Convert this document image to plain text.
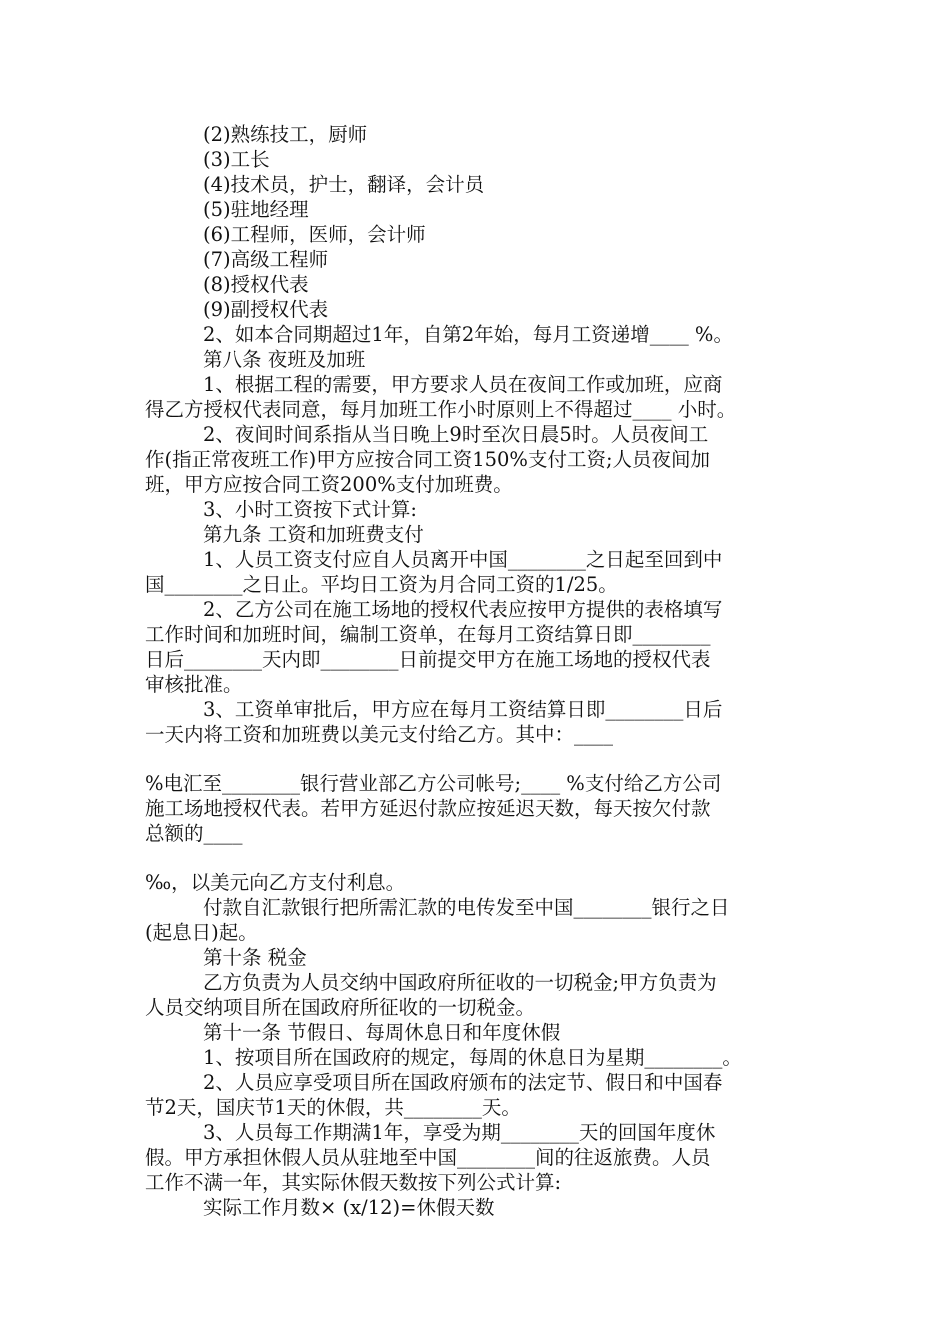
(2)熟练技工，厨师
(3)工长
(4)技术员，护士，翻译，会计员
(5)驻地经理
(6)工程师，医师，会计师
(7)高级工程师
(8)授权代表
(9)副授权代表
2、如本合同期超过1年，自第2年始，每月工资递增____ %。
第八条 夜班及加班
1、根据工程的需要，甲方要求人员在夜间工作或加班，应商
得乙方授权代表同意，每月加班工作小时原则上不得超过____ 小时。
2、夜间时间系指从当日晚上9时至次日晨5时。人员夜间工
作(指正常夜班工作)甲方应按合同工资150%支付工资;人员夜间加
班，甲方应按合同工资200%支付加班费。
3、小时工资按下式计算:
第九条 工资和加班费支付
1、人员工资支付应自人员离开中国________之日起至回到中
国________之日止。平均日工资为月合同工资的1/25。
2、乙方公司在施工场地的授权代表应按甲方提供的表格填写
工作时间和加班时间，编制工资单，在每月工资结算日即________
日后________天内即________日前提交甲方在施工场地的授权代表
审核批准。
3、工资单审批后，甲方应在每月工资结算日即________日后
一天内将工资和加班费以美元支付给乙方。其中：____
%电汇至________银行营业部乙方公司帐号;____ %支付给乙方公司
施工场地授权代表。若甲方延迟付款应按延迟天数，每天按欠付款
总额的____
‰，以美元向乙方支付利息。
付款自汇款银行把所需汇款的电传发至中国________银行之日
(起息日)起。
第十条 税金
乙方负责为人员交纳中国政府所征收的一切税金;甲方负责为
人员交纳项目所在国政府所征收的一切税金。
第十一条 节假日、每周休息日和年度休假
1、按项目所在国政府的规定，每周的休息日为星期________。
2、人员应享受项目所在国政府颁布的法定节、假日和中国春
节2天，国庆节1天的休假，共________天。
3、人员每工作期满1年，享受为期________天的回国年度休
假。甲方承担休假人员从驻地至中国________间的往返旅费。人员
工作不满一年，其实际休假天数按下列公式计算:
实际工作月数× (x/12)=休假天数
